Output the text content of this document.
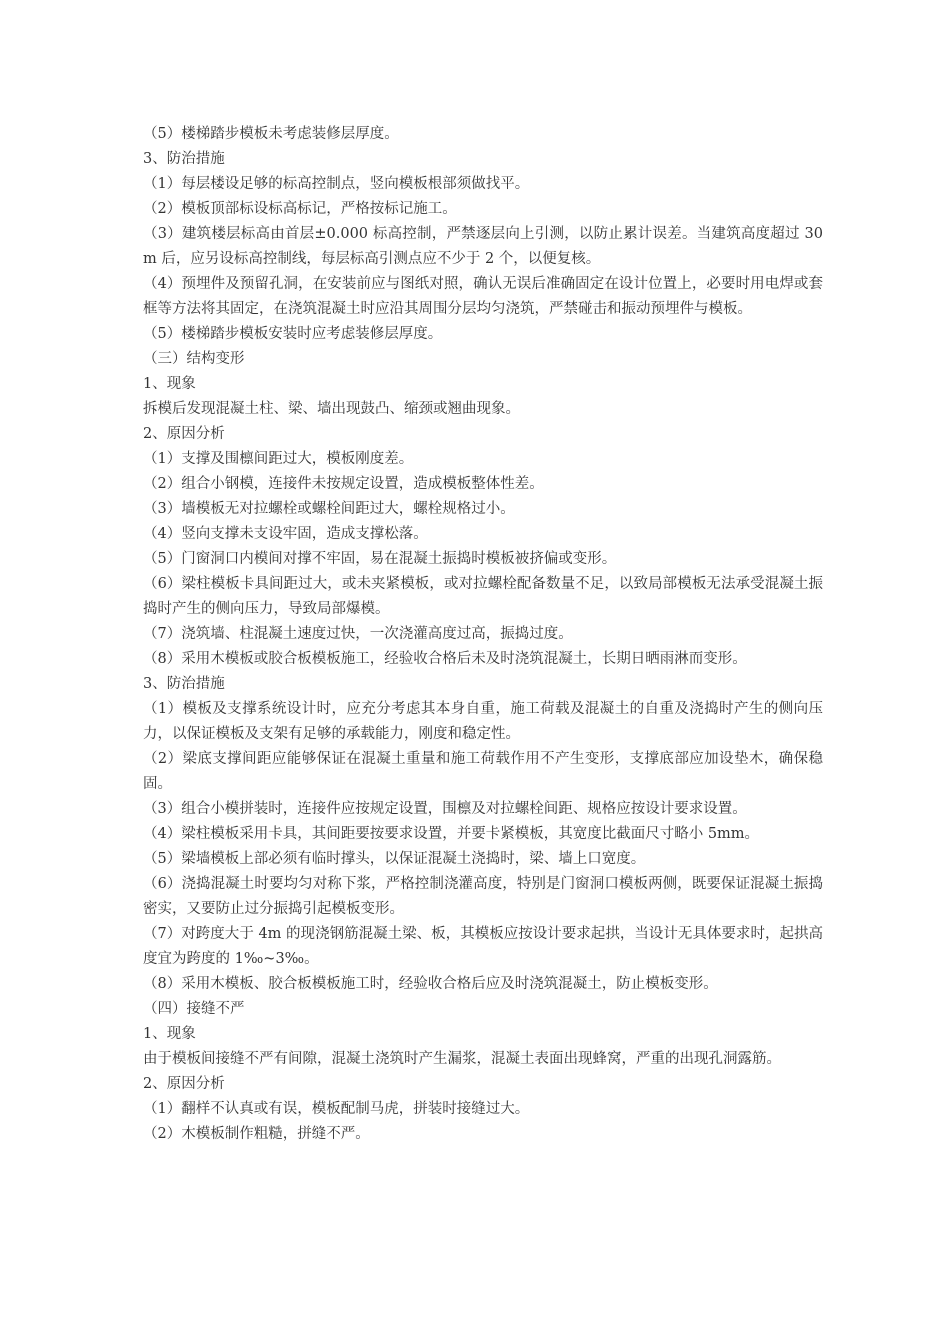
（5）楼梯踏步模板未考虑装修层厚度。

3、防治措施

（1）每层楼设足够的标高控制点，竖向模板根部须做找平。

（2）模板顶部标设标高标记，严格按标记施工。

（3）建筑楼层标高由首层±0.000 标高控制，严禁逐层向上引测，以防止累计误差。当建筑高度超过 30m 后，应另设标高控制线，每层标高引测点应不少于 2 个，以便复核。

（4）预埋件及预留孔洞，在安装前应与图纸对照，确认无误后准确固定在设计位置上，必要时用电焊或套框等方法将其固定，在浇筑混凝土时应沿其周围分层均匀浇筑，严禁碰击和振动预埋件与模板。

（5）楼梯踏步模板安装时应考虑装修层厚度。

（三）结构变形

1、现象

拆模后发现混凝土柱、梁、墙出现鼓凸、缩颈或翘曲现象。

2、原因分析

（1）支撑及围檩间距过大，模板刚度差。

（2）组合小钢模，连接件未按规定设置，造成模板整体性差。

（3）墙模板无对拉螺栓或螺栓间距过大，螺栓规格过小。

（4）竖向支撑未支设牢固，造成支撑松落。

（5）门窗洞口内模间对撑不牢固，易在混凝土振捣时模板被挤偏或变形。

（6）梁柱模板卡具间距过大，或未夹紧模板，或对拉螺栓配备数量不足，以致局部模板无法承受混凝土振捣时产生的侧向压力，导致局部爆模。

（7）浇筑墙、柱混凝土速度过快，一次浇灌高度过高，振捣过度。

（8）采用木模板或胶合板模板施工，经验收合格后未及时浇筑混凝土，长期日晒雨淋而变形。

3、防治措施

（1）模板及支撑系统设计时，应充分考虑其本身自重，施工荷载及混凝土的自重及浇捣时产生的侧向压力，以保证模板及支架有足够的承载能力，刚度和稳定性。

（2）梁底支撑间距应能够保证在混凝土重量和施工荷载作用不产生变形，支撑底部应加设垫木，确保稳固。

（3）组合小模拼装时，连接件应按规定设置，围檩及对拉螺栓间距、规格应按设计要求设置。

（4）梁柱模板采用卡具，其间距要按要求设置，并要卡紧模板，其宽度比截面尺寸略小 5mm。

（5）梁墙模板上部必须有临时撑头，以保证混凝土浇捣时，梁、墙上口宽度。

（6）浇捣混凝土时要均匀对称下浆，严格控制浇灌高度，特别是门窗洞口模板两侧，既要保证混凝土振捣密实，又要防止过分振捣引起模板变形。

（7）对跨度大于 4m 的现浇钢筋混凝土梁、板，其模板应按设计要求起拱，当设计无具体要求时，起拱高度宜为跨度的 1‰~3‰。

（8）采用木模板、胶合板模板施工时，经验收合格后应及时浇筑混凝土，防止模板变形。

（四）接缝不严

1、现象

由于模板间接缝不严有间隙，混凝土浇筑时产生漏浆，混凝土表面出现蜂窝，严重的出现孔洞露筋。

2、原因分析

（1）翻样不认真或有误，模板配制马虎，拼装时接缝过大。

（2）木模板制作粗糙，拼缝不严。
